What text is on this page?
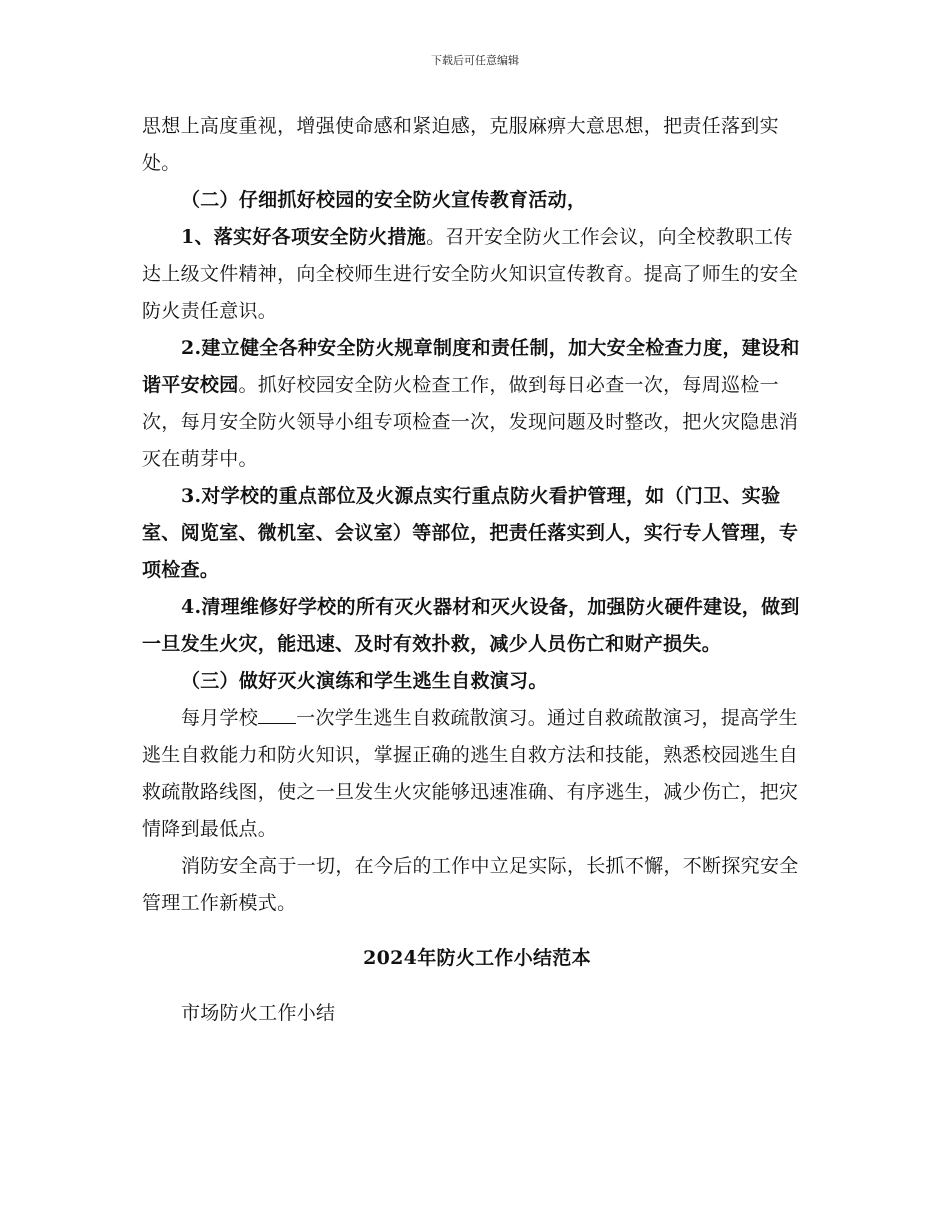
下载后可任意编辑

思想上高度重视，增强使命感和紧迫感，克服麻痹大意思想，把责任落到实处。

（二）仔细抓好校园的安全防火宣传教育活动，

1、落实好各项安全防火措施。召开安全防火工作会议，向全校教职工传达上级文件精神，向全校师生进行安全防火知识宣传教育。提高了师生的安全防火责任意识。

2.建立健全各种安全防火规章制度和责任制，加大安全检查力度，建设和谐平安校园。抓好校园安全防火检查工作，做到每日必查一次，每周巡检一次，每月安全防火领导小组专项检查一次，发现问题及时整改，把火灾隐患消灭在萌芽中。

3.对学校的重点部位及火源点实行重点防火看护管理，如（门卫、实验室、阅览室、微机室、会议室）等部位，把责任落实到人，实行专人管理，专项检查。

4.清理维修好学校的所有灭火器材和灭火设备，加强防火硬件建设，做到一旦发生火灾，能迅速、及时有效扑救，减少人员伤亡和财产损失。

（三）做好灭火演练和学生逃生自救演习。

每月学校 一次学生逃生自救疏散演习。通过自救疏散演习，提高学生逃生自救能力和防火知识，掌握正确的逃生自救方法和技能，熟悉校园逃生自救疏散路线图，使之一旦发生火灾能够迅速准确、有序逃生，减少伤亡，把灾情降到最低点。

消防安全高于一切，在今后的工作中立足实际，长抓不懈，不断探究安全管理工作新模式。

2024年防火工作小结范本

市场防火工作小结
